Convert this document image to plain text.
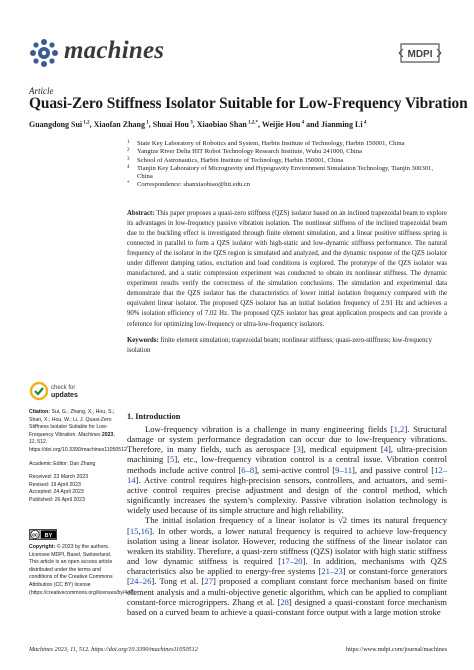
machines	MDPI
Article
Quasi-Zero Stiffness Isolator Suitable for Low-Frequency Vibration
Guangdong Sui $^{1,2}$, Xiaofan Zhang $^1$, Shuai Hou $^3$, Xiaobiao Shan $^{1,2,*}$, Weijie Hou $^4$ and Jianming Li $^4$
1 State Key Laboratory of Robotics and System, Harbin Institute of Technology, Harbin 150001, China
2 Yangtze River Delta HIT Robot Technology Research Institute, Wuhu 241000, China
3 School of Astronautics, Harbin Institute of Technology, Harbin 150001, China
4 Tianjin Key Laboratory of Microgravity and Hypogravity Environment Simulation Technology, Tianjin 300301, China
* Correspondence: shanxiaobiao@hit.edu.cn
Abstract: This paper proposes a quasi-zero stiffness (QZS) isolator based on an inclined trapezoidal beam to explore its advantages in low-frequency passive vibration isolation. The nonlinear stiffness of the inclined trapezoidal beam due to the buckling effect is investigated through finite element simulation, and a linear positive stiffness spring is connected in parallel to form a QZS isolator with high-static and low-dynamic stiffness performance. The natural frequency of the isolator in the QZS region is simulated and analyzed, and the dynamic response of the QZS isolator under different damping ratios, excitation and load conditions is explored. The prototype of the QZS isolator was manufactured, and a static compression experiment was conducted to obtain its nonlinear stiffness. The dynamic experiment results verify the correctness of the simulation conclusions. The simulation and experimental data demonstrate that the QZS isolator has the characteristics of lower initial isolation frequency compared with the equivalent linear isolator. The proposed QZS isolator has an initial isolation frequency of 2.91 Hz and achieves a 90% isolation efficiency of 7.02 Hz. The proposed QZS isolator has great application prospects and can provide a reference for optimizing low-frequency or ultra-low-frequency isolators.
Keywords: finite element simulation; trapezoidal beam; nonlinear stiffness; quasi-zero-stiffness; low-frequency isolation
check for
updates
Citation: Sui, G.; Zhang, X.; Hou, S.; Shan, X.; Hou, W.; Li, J. Quasi-Zero Stiffness Isolator Suitable for Low-Frequency Vibration. Machines 2023, 11, 512. https://doi.org/10.3390/machines11050512
Academic Editor: Dan Zhang
Received: 23 March 2023
Revised: 19 April 2023
Accepted: 24 April 2023
Published: 26 April 2023
cc BY
Copyright: © 2023 by the authors. Licensee MDPI, Basel, Switzerland. This article is an open access article distributed under the terms and conditions of the Creative Commons Attribution (CC BY) license (https://creativecommons.org/licenses/by/4.0/).
1. Introduction

Low-frequency vibration is a challenge in many engineering fields [1,2]. Structural damage or system performance degradation can occur due to low-frequency vibrations. Therefore, in many fields, such as aerospace [3], medical equipment [4], ultra-precision machining [5], etc., low-frequency vibration control is a central issue. Vibration control methods include active control [6–8], semi-active control [9–11], and passive control [12–14]. Active control requires high-precision sensors, controllers, and actuators, and semi-active control requires precise adjustment and design of the control method, which significantly increases the system’s complexity. Passive vibration isolation technology is widely used because of its simple structure and high reliability.

The initial isolation frequency of a linear isolator is √2 times its natural frequency [15,16]. In other words, a lower natural frequency is required to achieve low-frequency isolation using a linear isolator. However, reducing the stiffness of the linear isolator can weaken its stability. Therefore, a quasi-zero stiffness (QZS) isolator with high static stiffness and low dynamic stiffness is required [17–20]. In addition, mechanisms with QZS characteristics also be applied to energy-free systems [21–23] or constant-force generators [24–26]. Tong et al. [27] proposed a compliant constant force mechanism based on finite element analysis and a multi-objective genetic algorithm, which can be applied to compliant constant-force microgrippers. Zhang et al. [28] designed a quasi-constant force mechanism based on a curved beam to achieve a quasi-constant force output with a large motion stroke

Machines 2023, 11, 512. https://doi.org/10.3390/machines11050512	https://www.mdpi.com/journal/machines
